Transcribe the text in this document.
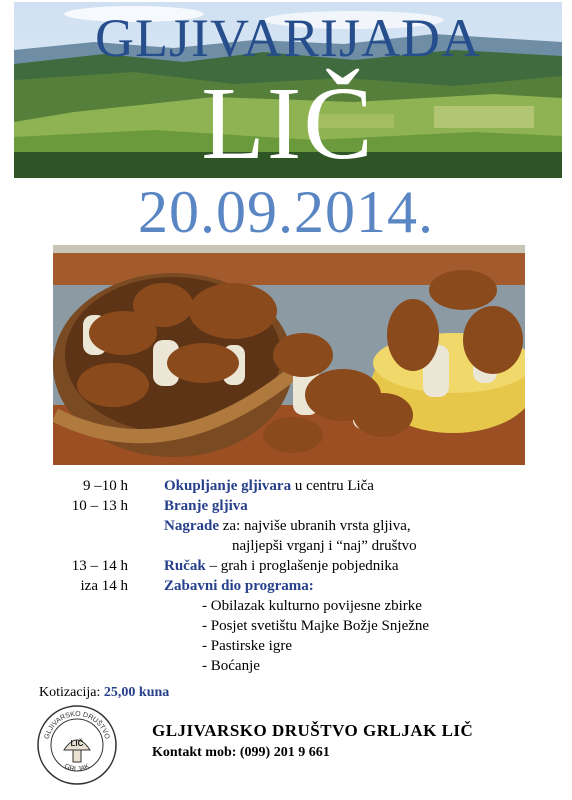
GLJIVARIJADA
LIČ
20.09.2014.
9 –10 h Okupljanje gljivara u centru Liča
10 – 13 h Branje gljiva
Nagrade za: najviše ubranih vrsta gljiva,
najljepši vrganj i “naj” društvo
13 – 14 h Ručak – grah i proglašenje pobjednika
iza 14 h Zabavni dio programa:
- Obilazak kulturno povijesne zbirke
- Posjet svetištu Majke Božje Snježne
- Pastirske igre
- Boćanje
Kotizacija: 25,00 kuna
GLJIVARSKO DRUŠTVO
GRLJAK
LIČ
GLJIVARSKO DRUŠTVO GRLJAK LIČ
Kontakt mob: (099) 201 9 661
